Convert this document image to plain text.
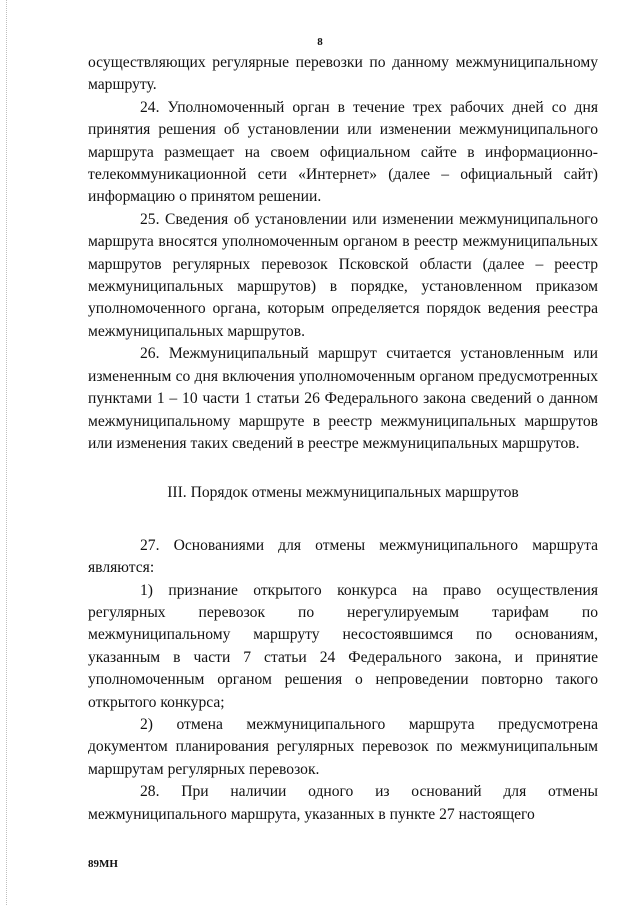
8

осуществляющих регулярные перевозки по данному межмуниципальному маршруту.

24. Уполномоченный орган в течение трех рабочих дней со дня принятия решения об установлении или изменении межмуниципального маршрута размещает на своем официальном сайте в информационно-телекоммуникационной сети «Интернет» (далее – официальный сайт) информацию о принятом решении.

25. Сведения об установлении или изменении межмуниципального маршрута вносятся уполномоченным органом в реестр межмуниципальных маршрутов регулярных перевозок Псковской области (далее – реестр межмуниципальных маршрутов) в порядке, установленном приказом уполномоченного органа, которым определяется порядок ведения реестра межмуниципальных маршрутов.

26. Межмуниципальный маршрут считается установленным или измененным со дня включения уполномоченным органом предусмотренных пунктами 1 – 10 части 1 статьи 26 Федерального закона сведений о данном межмуниципальному маршруте в реестр межмуниципальных маршрутов или изменения таких сведений в реестре межмуниципальных маршрутов.

III. Порядок отмены межмуниципальных маршрутов

27. Основаниями для отмены межмуниципального маршрута являются:

1) признание открытого конкурса на право осуществления регулярных перевозок по нерегулируемым тарифам по межмуниципальному маршруту несостоявшимся по основаниям, указанным в части 7 статьи 24 Федерального закона, и принятие уполномоченным органом решения о непроведении повторно такого открытого конкурса;

2) отмена межмуниципального маршрута предусмотрена документом планирования регулярных перевозок по межмуниципальным маршрутам регулярных перевозок.

28. При наличии одного из оснований для отмены межмуниципального маршрута, указанных в пункте 27 настоящего

89МН
